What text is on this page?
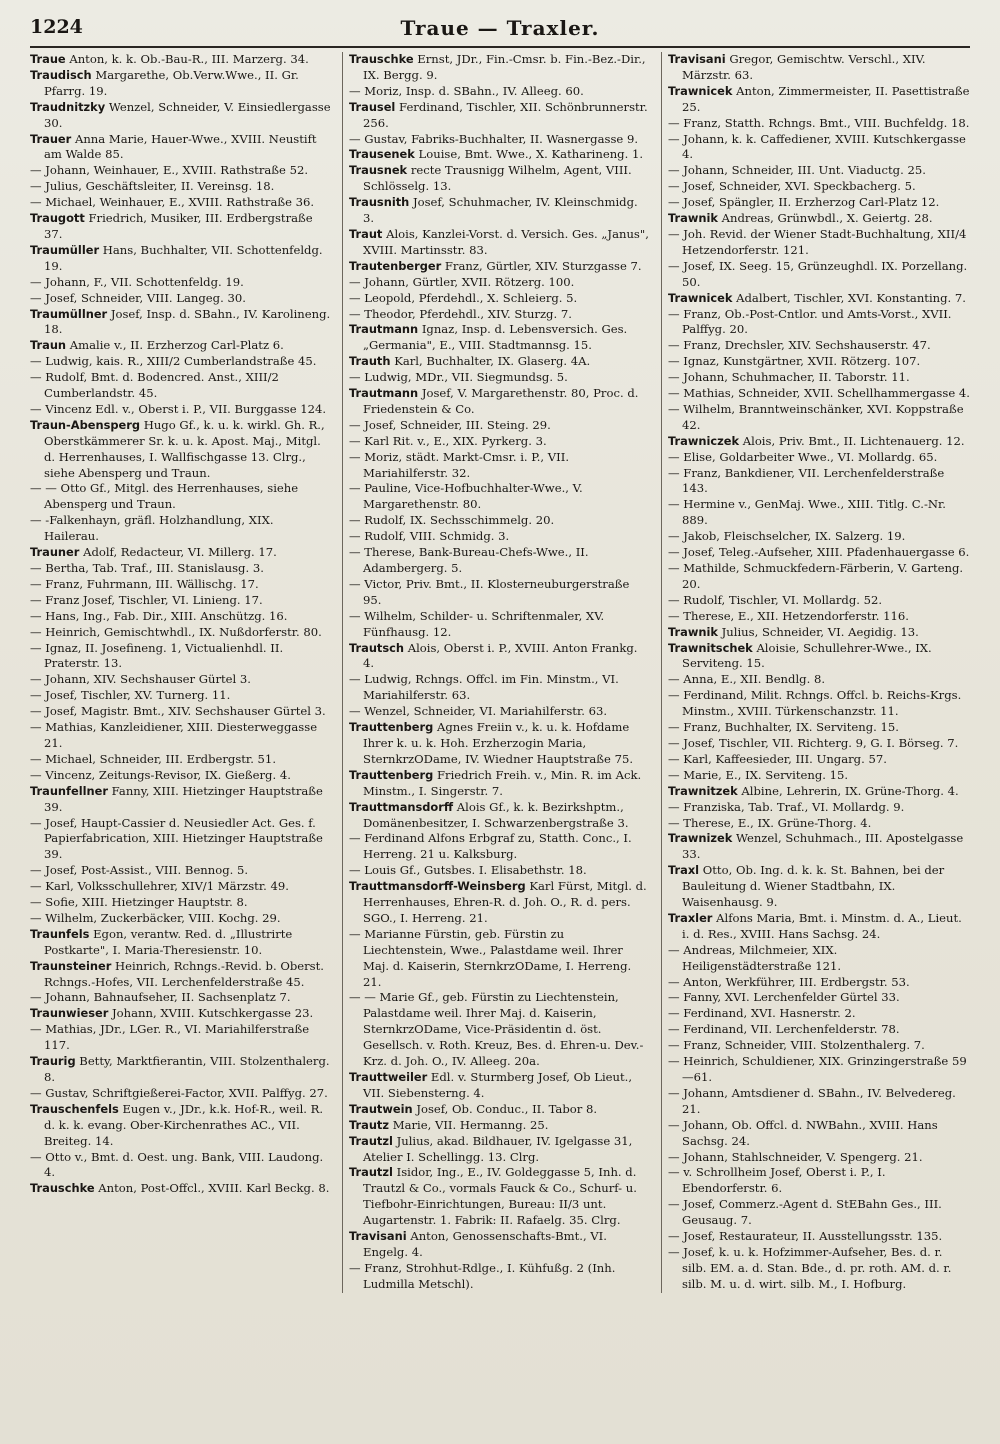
1224	Traue — Traxler.

Traue Anton, k. k. Ob.-Bau-R., III. Marzerg. 34.

Traudisch Margarethe, Ob.Verw.Wwe., II. Gr. Pfarrg. 19.

Traudnitzky Wenzel, Schneider, V. Einsiedlergasse 30.

Trauer Anna Marie, Hauer-Wwe., XVIII. Neustift am Walde 85.

— Johann, Weinhauer, E., XVIII. Rathstraße 52.

— Julius, Geschäftsleiter, II. Vereinsg. 18.

— Michael, Weinhauer, E., XVIII. Rathstraße 36.

Traugott Friedrich, Musiker, III. Erdbergstraße 37.

Traumüller Hans, Buchhalter, VII. Schottenfeldg. 19.

— Johann, F., VII. Schottenfeldg. 19.

— Josef, Schneider, VIII. Langeg. 30.

Traumüllner Josef, Insp. d. SBahn., IV. Karolineng. 18.

Traun Amalie v., II. Erzherzog Carl-Platz 6.

— Ludwig, kais. R., XIII/2 Cumberlandstraße 45.

— Rudolf, Bmt. d. Bodencred. Anst., XIII/2 Cumberlandstr. 45.

— Vincenz Edl. v., Oberst i. P., VII. Burggasse 124.

Traun-Abensperg Hugo Gf., k. u. k. wirkl. Gh. R., Oberstkämmerer Sr. k. u. k. Apost. Maj., Mitgl. d. Herrenhauses, I. Wallfischgasse 13. Clrg., siehe Abensperg und Traun.

— — Otto Gf., Mitgl. des Herrenhauses, siehe Abensperg und Traun.

— -Falkenhayn, gräfl. Holzhandlung, XIX. Hailerau.

Trauner Adolf, Redacteur, VI. Millerg. 17.

— Bertha, Tab. Traf., III. Stanislausg. 3.

— Franz, Fuhrmann, III. Wällischg. 17.

— Franz Josef, Tischler, VI. Linieng. 17.

— Hans, Ing., Fab. Dir., XIII. Anschützg. 16.

— Heinrich, Gemischtwhdl., IX. Nußdorferstr. 80.

— Ignaz, II. Josefineng. 1, Victualienhdl. II. Praterstr. 13.

— Johann, XIV. Sechshauser Gürtel 3.

— Josef, Tischler, XV. Turnerg. 11.

— Josef, Magistr. Bmt., XIV. Sechshauser Gürtel 3.

— Mathias, Kanzleidiener, XIII. Diesterweggasse 21.

— Michael, Schneider, III. Erdbergstr. 51.

— Vincenz, Zeitungs-Revisor, IX. Gießerg. 4.

Traunfellner Fanny, XIII. Hietzinger Hauptstraße 39.

— Josef, Haupt-Cassier d. Neusiedler Act. Ges. f. Papierfabrication, XIII. Hietzinger Hauptstraße 39.

— Josef, Post-Assist., VIII. Bennog. 5.

— Karl, Volksschullehrer, XIV/1 Märzstr. 49.

— Sofie, XIII. Hietzinger Hauptstr. 8.

— Wilhelm, Zuckerbäcker, VIII. Kochg. 29.

Traunfels Egon, verantw. Red. d. „Illustrirte Postkarte", I. Maria-Theresienstr. 10.

Traunsteiner Heinrich, Rchngs.-Revid. b. Oberst. Rchngs.-Hofes, VII. Lerchenfelderstraße 45.

— Johann, Bahnaufseher, II. Sachsenplatz 7.

Traunwieser Johann, XVIII. Kutschkergasse 23.

— Mathias, JDr., LGer. R., VI. Mariahilferstraße 117.

Traurig Betty, Marktfierantin, VIII. Stolzenthalerg. 8.

— Gustav, Schriftgießerei-Factor, XVII. Palffyg. 27.

Trauschenfels Eugen v., JDr., k.k. Hof-R., weil. R. d. k. k. evang. Ober-Kirchenrathes AC., VII. Breiteg. 14.

— Otto v., Bmt. d. Oest. ung. Bank, VIII. Laudong. 4.

Trauschke Anton, Post-Offcl., XVIII. Karl Beckg. 8.

Trauschke Ernst, JDr., Fin.-Cmsr. b. Fin.-Bez.-Dir., IX. Bergg. 9.

— Moriz, Insp. d. SBahn., IV. Alleeg. 60.

Trausel Ferdinand, Tischler, XII. Schönbrunnerstr. 256.

— Gustav, Fabriks-Buchhalter, II. Wasnergasse 9.

Trausenek Louise, Bmt. Wwe., X. Katharineng. 1.

Trausnek recte Trausnigg Wilhelm, Agent, VIII. Schlösselg. 13.

Trausnith Josef, Schuhmacher, IV. Kleinschmidg. 3.

Traut Alois, Kanzlei-Vorst. d. Versich. Ges. „Janus", XVIII. Martinsstr. 83.

Trautenberger Franz, Gürtler, XIV. Sturzgasse 7.

— Johann, Gürtler, XVII. Rötzerg. 100.

— Leopold, Pferdehdl., X. Schleierg. 5.

— Theodor, Pferdehdl., XIV. Sturzg. 7.

Trautmann Ignaz, Insp. d. Lebensversich. Ges. „Germania", E., VIII. Stadtmannsg. 15.

Trauth Karl, Buchhalter, IX. Glaserg. 4A.

— Ludwig, MDr., VII. Siegmundsg. 5.

Trautmann Josef, V. Margarethenstr. 80, Proc. d. Friedenstein & Co.

— Josef, Schneider, III. Steing. 29.

— Karl Rit. v., E., XIX. Pyrkerg. 3.

— Moriz, städt. Markt-Cmsr. i. P., VII. Mariahilferstr. 32.

— Pauline, Vice-Hofbuchhalter-Wwe., V. Margarethenstr. 80.

— Rudolf, IX. Sechsschimmelg. 20.

— Rudolf, VIII. Schmidg. 3.

— Therese, Bank-Bureau-Chefs-Wwe., II. Adambergerg. 5.

— Victor, Priv. Bmt., II. Klosterneuburgerstraße 95.

— Wilhelm, Schilder- u. Schriftenmaler, XV. Fünfhausg. 12.

Trautsch Alois, Oberst i. P., XVIII. Anton Frankg. 4.

— Ludwig, Rchngs. Offcl. im Fin. Minstm., VI. Mariahilferstr. 63.

— Wenzel, Schneider, VI. Mariahilferstr. 63.

Trauttenberg Agnes Freiin v., k. u. k. Hofdame Ihrer k. u. k. Hoh. Erzherzogin Maria, SternkrzODame, IV. Wiedner Hauptstraße 75.

Trauttenberg Friedrich Freih. v., Min. R. im Ack. Minstm., I. Singerstr. 7.

Trauttmansdorff Alois Gf., k. k. Bezirkshptm., Domänenbesitzer, I. Schwarzenbergstraße 3.

— Ferdinand Alfons Erbgraf zu, Statth. Conc., I. Herreng. 21 u. Kalksburg.

— Louis Gf., Gutsbes. I. Elisabethstr. 18.

Trauttmansdorff-Weinsberg Karl Fürst, Mitgl. d. Herrenhauses, Ehren-R. d. Joh. O., R. d. pers. SGO., I. Herreng. 21.

— Marianne Fürstin, geb. Fürstin zu Liechtenstein, Wwe., Palastdame weil. Ihrer Maj. d. Kaiserin, SternkrzODame, I. Herreng. 21.

— — Marie Gf., geb. Fürstin zu Liechtenstein, Palastdame weil. Ihrer Maj. d. Kaiserin, SternkrzODame, Vice-Präsidentin d. öst. Gesellsch. v. Roth. Kreuz, Bes. d. Ehren-u. Dev.-Krz. d. Joh. O., IV. Alleeg. 20a.

Trauttweiler Edl. v. Sturmberg Josef, Ob Lieut., VII. Siebensterng. 4.

Trautwein Josef, Ob. Conduc., II. Tabor 8.

Trautz Marie, VII. Hermanng. 25.

Trautzl Julius, akad. Bildhauer, IV. Igelgasse 31, Atelier I. Schellingg. 13. Clrg.

Trautzl Isidor, Ing., E., IV. Goldeggasse 5, Inh. d. Trautzl & Co., vormals Fauck & Co., Schurf- u. Tiefbohr-Einrichtungen, Bureau: II/3 unt. Augartenstr. 1. Fabrik: II. Rafaelg. 35. Clrg.

Travisani Anton, Genossenschafts-Bmt., VI. Engelg. 4.

— Franz, Strohhut-Rdlge., I. Kühfußg. 2 (Inh. Ludmilla Metschl).

Travisani Gregor, Gemischtw. Verschl., XIV. Märzstr. 63.

Trawnicek Anton, Zimmermeister, II. Pasettistraße 25.

— Franz, Statth. Rchngs. Bmt., VIII. Buchfeldg. 18.

— Johann, k. k. Caffediener, XVIII. Kutschkergasse 4.

— Johann, Schneider, III. Unt. Viaductg. 25.

— Josef, Schneider, XVI. Speckbacherg. 5.

— Josef, Spängler, II. Erzherzog Carl-Platz 12.

Trawnik Andreas, Grünwbdl., X. Geiertg. 28.

— Joh. Revid. der Wiener Stadt-Buchhaltung, XII/4 Hetzendorferstr. 121.

— Josef, IX. Seeg. 15, Grünzeughdl. IX. Porzellang. 50.

Trawnicek Adalbert, Tischler, XVI. Konstanting. 7.

— Franz, Ob.-Post-Cntlor. und Amts-Vorst., XVII. Palffyg. 20.

— Franz, Drechsler, XIV. Sechshauserstr. 47.

— Ignaz, Kunstgärtner, XVII. Rötzerg. 107.

— Johann, Schuhmacher, II. Taborstr. 11.

— Mathias, Schneider, XVII. Schellhammergasse 4.

— Wilhelm, Branntweinschänker, XVI. Koppstraße 42.

Trawniczek Alois, Priv. Bmt., II. Lichtenauerg. 12.

— Elise, Goldarbeiter Wwe., VI. Mollardg. 65.

— Franz, Bankdiener, VII. Lerchenfelderstraße 143.

— Hermine v., GenMaj. Wwe., XIII. Titlg. C.-Nr. 889.

— Jakob, Fleischselcher, IX. Salzerg. 19.

— Josef, Teleg.-Aufseher, XIII. Pfadenhauergasse 6.

— Mathilde, Schmuckfedern-Färberin, V. Garteng. 20.

— Rudolf, Tischler, VI. Mollardg. 52.

— Therese, E., XII. Hetzendorferstr. 116.

Trawnik Julius, Schneider, VI. Aegidig. 13.

Trawnitschek Aloisie, Schullehrer-Wwe., IX. Serviteng. 15.

— Anna, E., XII. Bendlg. 8.

— Ferdinand, Milit. Rchngs. Offcl. b. Reichs-Krgs. Minstm., XVIII. Türkenschanzstr. 11.

— Franz, Buchhalter, IX. Serviteng. 15.

— Josef, Tischler, VII. Richterg. 9, G. I. Börseg. 7.

— Karl, Kaffeesieder, III. Ungarg. 57.

— Marie, E., IX. Serviteng. 15.

Trawnitzek Albine, Lehrerin, IX. Grüne-Thorg. 4.

— Franziska, Tab. Traf., VI. Mollardg. 9.

— Therese, E., IX. Grüne-Thorg. 4.

Trawnizek Wenzel, Schuhmach., III. Apostelgasse 33.

Traxl Otto, Ob. Ing. d. k. k. St. Bahnen, bei der Bauleitung d. Wiener Stadtbahn, IX. Waisenhausg. 9.

Traxler Alfons Maria, Bmt. i. Minstm. d. A., Lieut. i. d. Res., XVIII. Hans Sachsg. 24.

— Andreas, Milchmeier, XIX. Heiligenstädterstraße 121.

— Anton, Werkführer, III. Erdbergstr. 53.

— Fanny, XVI. Lerchenfelder Gürtel 33.

— Ferdinand, XVI. Hasnerstr. 2.

— Ferdinand, VII. Lerchenfelderstr. 78.

— Franz, Schneider, VIII. Stolzenthalerg. 7.

— Heinrich, Schuldiener, XIX. Grinzingerstraße 59—61.

— Johann, Amtsdiener d. SBahn., IV. Belvedereg. 21.

— Johann, Ob. Offcl. d. NWBahn., XVIII. Hans Sachsg. 24.

— Johann, Stahlschneider, V. Spengerg. 21.

— v. Schrollheim Josef, Oberst i. P., I. Ebendorferstr. 6.

— Josef, Commerz.-Agent d. StEBahn Ges., III. Geusaug. 7.

— Josef, Restaurateur, II. Ausstellungsstr. 135.

— Josef, k. u. k. Hofzimmer-Aufseher, Bes. d. r. silb. EM. a. d. Stan. Bde., d. pr. roth. AM. d. r. silb. M. u. d. wirt. silb. M., I. Hofburg.
